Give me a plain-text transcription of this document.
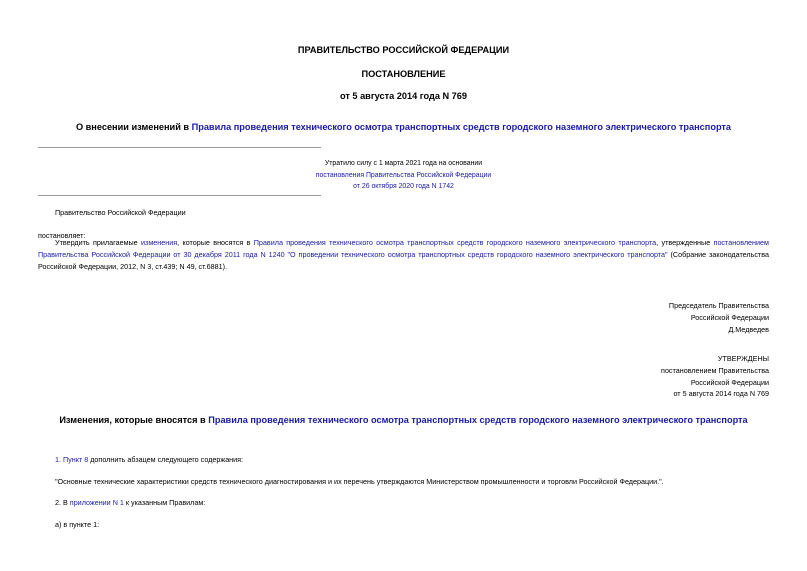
ПРАВИТЕЛЬСТВО РОССИЙСКОЙ ФЕДЕРАЦИИ
ПОСТАНОВЛЕНИЕ
от 5 августа 2014 года N 769
О внесении изменений в Правила проведения технического осмотра транспортных средств городского наземного электрического транспорта
Утратило силу с 1 марта 2021 года на основании
постановления Правительства Российской Федерации
от 26 октября 2020 года N 1742
Правительство Российской Федерации
постановляет:
Утвердить прилагаемые изменения, которые вносятся в Правила проведения технического осмотра транспортных средств городского наземного электрического транспорта, утвержденные постановлением Правительства Российской Федерации от 30 декабря 2011 года N 1240 "О проведении технического осмотра транспортных средств городского наземного электрического транспорта" (Собрание законодательства Российской Федерации, 2012, N 3, ст.439; N 49, ст.6881).
Председатель Правительства
Российской Федерации
Д.Медведев
УТВЕРЖДЕНЫ
постановлением Правительства
Российской Федерации
от 5 августа 2014 года N 769
Изменения, которые вносятся в Правила проведения технического осмотра транспортных средств городского наземного электрического транспорта
1. Пункт 8 дополнить абзацем следующего содержания:
"Основные технические характеристики средств технического диагностирования и их перечень утверждаются Министерством промышленности и торговли Российской Федерации.".
2. В приложении N 1 к указанным Правилам:
а) в пункте 1:
